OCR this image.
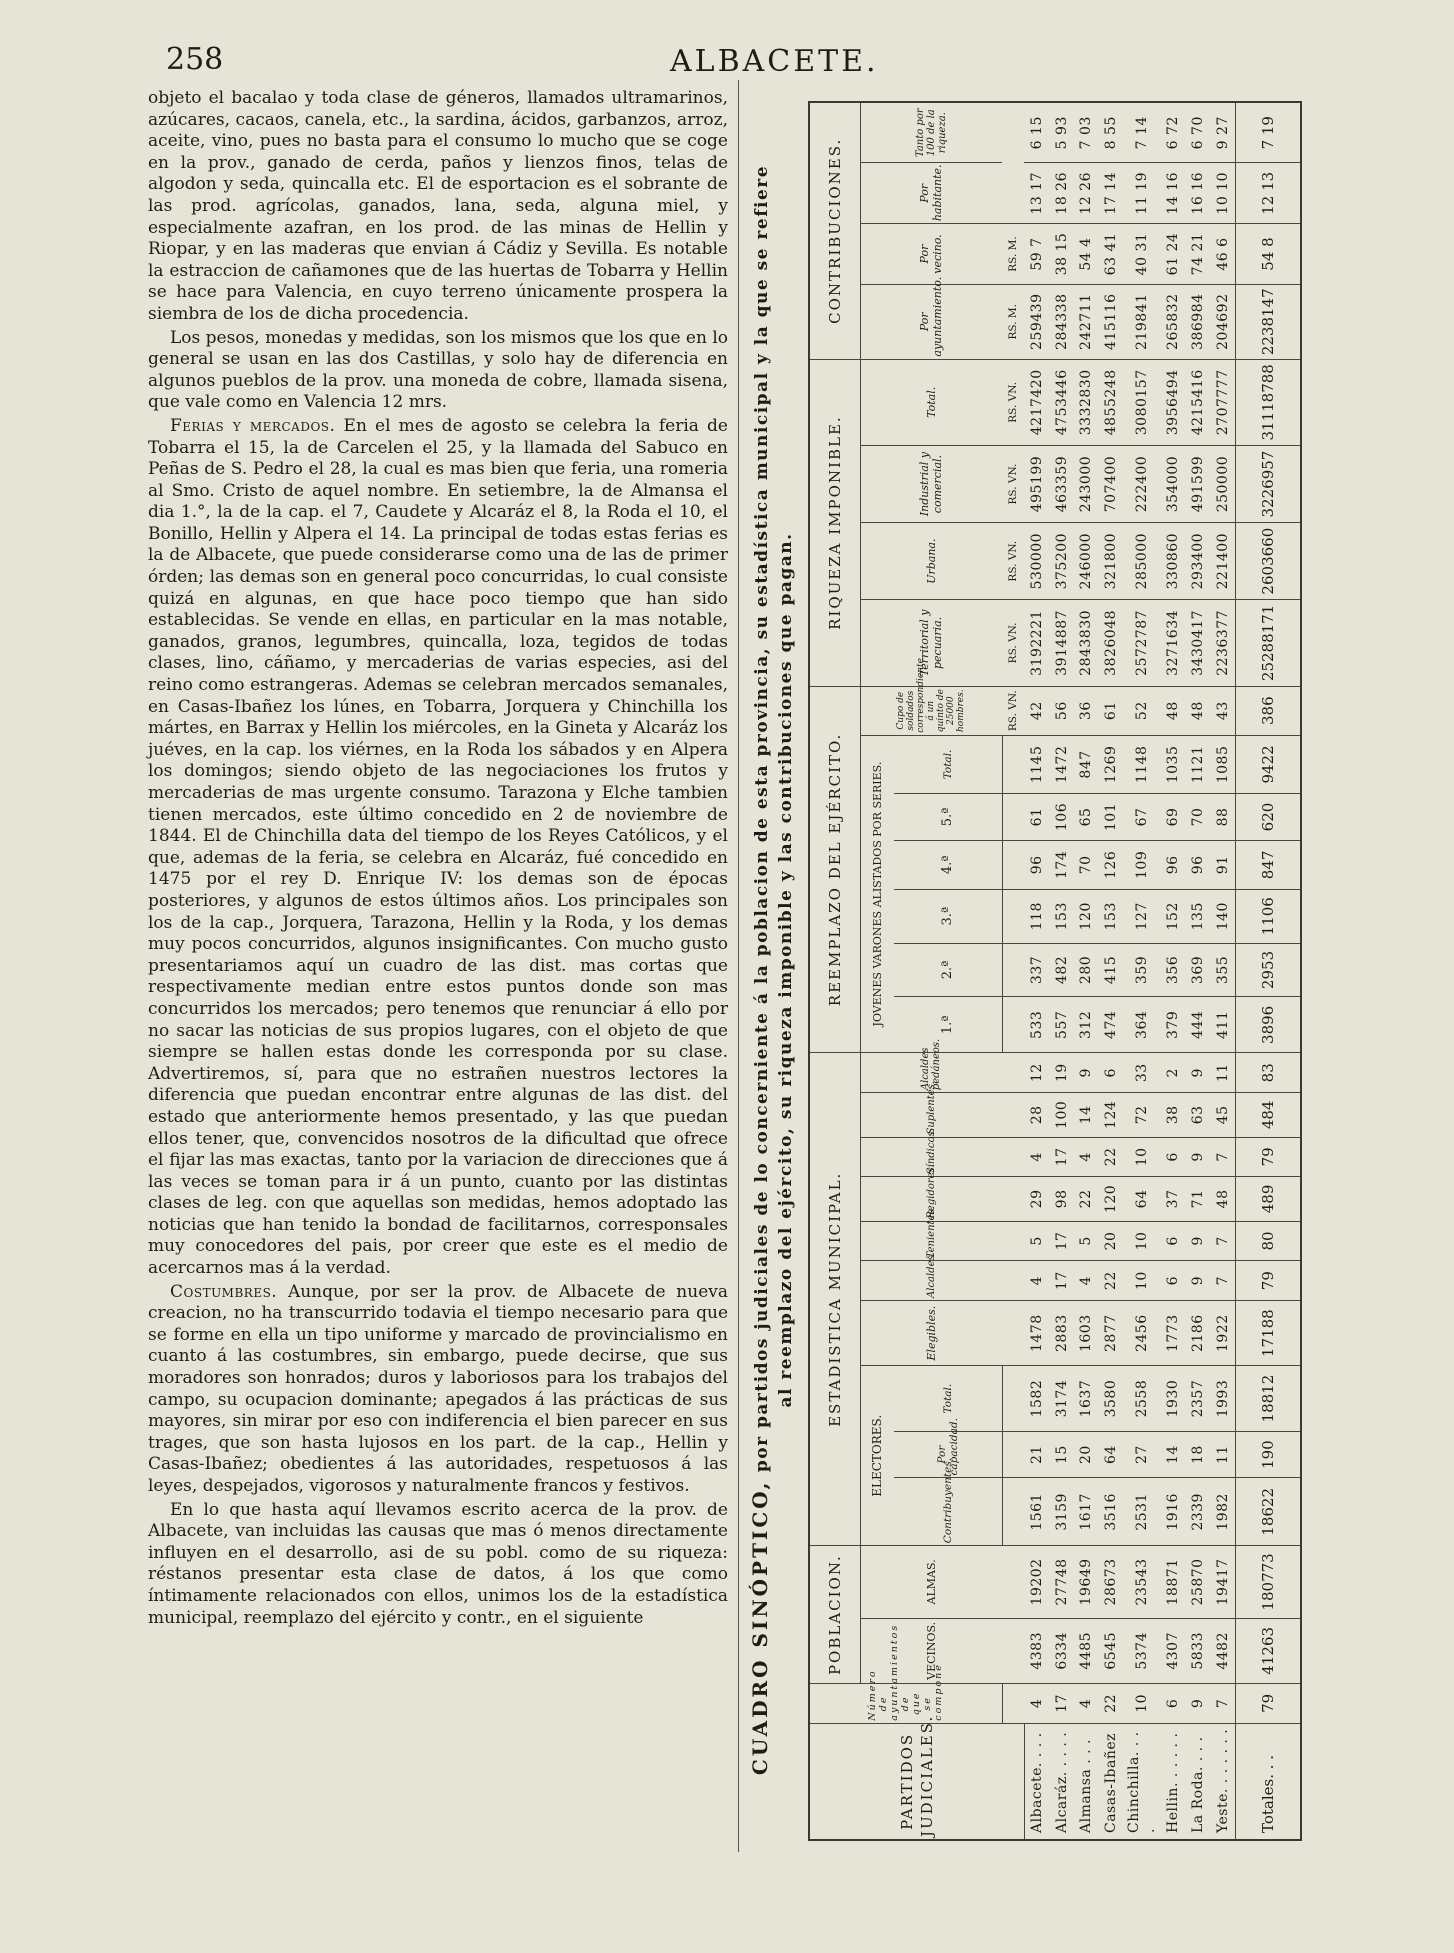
258	ALBACETE.

objeto el bacalao y toda clase de géneros, llamados ultramarinos, azúcares, cacaos, canela, etc., la sardina, ácidos, garbanzos, arroz, aceite, vino, pues no basta para el consumo lo mucho que se coge en la prov., ganado de cerda, paños y lienzos finos, telas de algodon y seda, quincalla etc. El de esportacion es el sobrante de las prod. agrícolas, ganados, lana, seda, alguna miel, y especialmente azafran, en los prod. de las minas de Hellin y Riopar, y en las maderas que envian á Cádiz y Sevilla. Es notable la estraccion de cañamones que de las huertas de Tobarra y Hellin se hace para Valencia, en cuyo terreno únicamente prospera la siembra de los de dicha procedencia.

Los pesos, monedas y medidas, son los mismos que los que en lo general se usan en las dos Castillas, y solo hay de diferencia en algunos pueblos de la prov. una moneda de cobre, llamada sisena, que vale como en Valencia 12 mrs.

Ferias y mercados. En el mes de agosto se celebra la feria de Tobarra el 15, la de Carcelen el 25, y la llamada del Sabuco en Peñas de S. Pedro el 28, la cual es mas bien que feria, una romeria al Smo. Cristo de aquel nombre. En setiembre, la de Almansa el dia 1.°, la de la cap. el 7, Caudete y Alcaráz el 8, la Roda el 10, el Bonillo, Hellin y Alpera el 14. La principal de todas estas ferias es la de Albacete, que puede considerarse como una de las de primer órden; las demas son en general poco concurridas, lo cual consiste quizá en algunas, en que hace poco tiempo que han sido establecidas. Se vende en ellas, en particular en la mas notable, ganados, granos, legumbres, quincalla, loza, tegidos de todas clases, lino, cáñamo, y mercaderias de varias especies, asi del reino como estrangeras. Ademas se celebran mercados semanales, en Casas-Ibañez los lúnes, en Tobarra, Jorquera y Chinchilla los mártes, en Barrax y Hellin los miércoles, en la Gineta y Alcaráz los juéves, en la cap. los viérnes, en la Roda los sábados y en Alpera los domingos; siendo objeto de las negociaciones los frutos y mercaderias de mas urgente consumo. Tarazona y Elche tambien tienen mercados, este último concedido en 2 de noviembre de 1844. El de Chinchilla data del tiempo de los Reyes Católicos, y el que, ademas de la feria, se celebra en Alcaráz, fué concedido en 1475 por el rey D. Enrique IV: los demas son de épocas posteriores, y algunos de estos últimos años. Los principales son los de la cap., Jorquera, Tarazona, Hellin y la Roda, y los demas muy pocos concurridos, algunos insignificantes. Con mucho gusto presentariamos aquí un cuadro de las dist. mas cortas que respectivamente median entre estos puntos donde son mas concurridos los mercados; pero tenemos que renunciar á ello por no sacar las noticias de sus propios lugares, con el objeto de que siempre se hallen estas donde les corresponda por su clase. Advertiremos, sí, para que no estrañen nuestros lectores la diferencia que puedan encontrar entre algunas de las dist. del estado que anteriormente hemos presentado, y las que puedan ellos tener, que, convencidos nosotros de la dificultad que ofrece el fijar las mas exactas, tanto por la variacion de direcciones que á las veces se toman para ir á un punto, cuanto por las distintas clases de leg. con que aquellas son medidas, hemos adoptado las noticias que han tenido la bondad de facilitarnos, corresponsales muy conocedores del pais, por creer que este es el medio de acercarnos mas á la verdad.

Costumbres. Aunque, por ser la prov. de Albacete de nueva creacion, no ha transcurrido todavia el tiempo necesario para que se forme en ella un tipo uniforme y marcado de provincialismo en cuanto á las costumbres, sin embargo, puede decirse, que sus moradores son honrados; duros y laboriosos para los trabajos del campo, su ocupacion dominante; apegados á las prácticas de sus mayores, sin mirar por eso con indiferencia el bien parecer en sus trages, que son hasta lujosos en los part. de la cap., Hellin y Casas-Ibañez; obedientes á las autoridades, respetuosos á las leyes, despejados, vigorosos y naturalmente francos y festivos.

En lo que hasta aquí llevamos escrito acerca de la prov. de Albacete, van incluidas las causas que mas ó menos directamente influyen en el desarrollo, asi de su pobl. como de su riqueza: réstanos presentar esta clase de datos, á los que como íntimamente relacionados con ellos, unimos los de la estadística municipal, reemplazo del ejército y contr., en el siguiente	CUADRO SINÓPTICO, por partidos judiciales de lo concerniente á la poblacion de esta provincia, su estadística municipal y la que se refiere al reemplazo del ejército, su riqueza imponible y las contribuciones que pagan.
PARTIDOS JUDICIALES.	Número de ayuntamientos de que se compone	POBLACION.		ESTADISTICA MUNICIPAL.										REEMPLAZO DEL EJÉRCITO.							RIQUEZA IMPONIBLE.				CONTRIBUCIONES.			
		VECINOS.	ALMAS.	ELECTORES.			Elegibles.	Alcaldes.	Tenientes.	Regidores.	Síndicos.	Suplentes.	Alcaldes pedáneos.	JOVENES VARONES ALISTADOS POR SERIES.						Cupo de soldados correspondiente á un quinto de 25000 hombres.	Territorial y pecuaria.	Urbana.	Industrial y comercial.	Total.	Por ayuntamiento.	Por vecino.	Por habitante.	Tanto por 100 de la riqueza.
				Contribuyentes.	Por capacidad.	Total.								1.ª	2.ª	3.ª	4.ª	5.ª	Total.									
																				RS. VN.	RS. VN.	RS. VN.	RS. VN.	RS. VN.	RS. M.	RS. M.		
Albacete. . . .	4	4383	19202	1561	21	1582	1478	4	5	29	4	28	12	533	337	118	96	61	1145	42	3192221	530000	495199	4217420	259439	59 7	13 17	6 15
Alcaráz. . . . .	17	6334	27748	3159	15	3174	2883	17	17	98	17	100	19	557	482	153	174	106	1472	56	3914887	375200	463359	4753446	284338	38 15	18 26	5 93
Almansa . . .	4	4485	19649	1617	20	1637	1603	4	5	22	4	14	9	312	280	120	70	65	847	36	2843830	246000	243000	3332830	242711	54 4	12 26	7 03
Casas-Ibañez	22	6545	28673	3516	64	3580	2877	22	20	120	22	124	6	474	415	153	126	101	1269	61	3826048	321800	707400	4855248	415116	63 41	17 14	8 55
Chinchilla. . . .	10	5374	23543	2531	27	2558	2456	10	10	64	10	72	33	364	359	127	109	67	1148	52	2572787	285000	222400	3080157	219841	40 31	11 19	7 14
Hellin. . . . . .	6	4307	18871	1916	14	1930	1773	6	6	37	6	38	2	379	356	152	96	69	1035	48	3271634	330860	354000	3956494	265832	61 24	14 16	6 72
La Roda. . . .	9	5833	25870	2339	18	2357	2186	9	9	71	9	63	9	444	369	135	96	70	1121	48	3430417	293400	491599	4215416	386984	74 21	16 16	6 70
Yeste. . . . . . .	7	4482	19417	1982	11	1993	1922	7	7	48	7	45	11	411	355	140	91	88	1085	43	2236377	221400	250000	2707777	204692	46 6	10 10	9 27
Totales. . .	79	41263	180773	18622	190	18812	17188	79	80	489	79	484	83	3896	2953	1106	847	620	9422	386	25288171	2603660	3226957	31118788	2238147	54 8	12 13	7 19
